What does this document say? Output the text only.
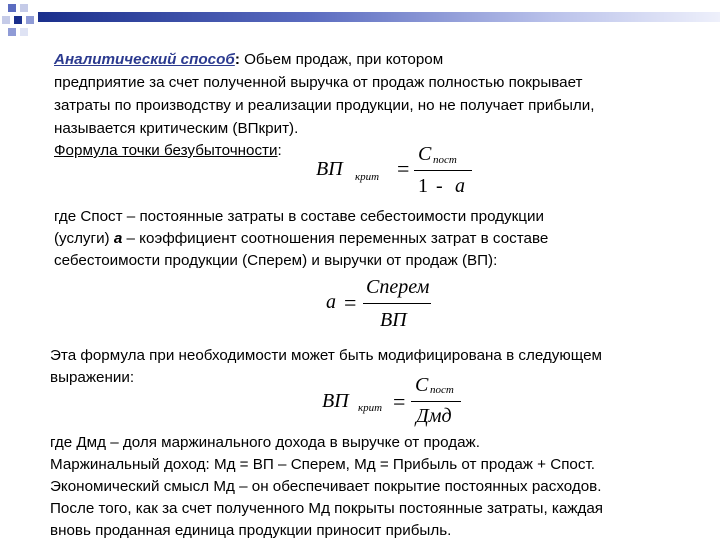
Аналитический способ: Обьем продаж, при котором
предприятие за счет полученной выручка от продаж полностью покрывает
затраты по производству и реализации продукции, но не получает прибыли,
называется критическим (ВПкрит).
Формула точки безубыточности:
ВП крит =
С пост
1 - а
где Спост – постоянные затраты в составе себестоимости продукции
(услуги) а – коэффициент соотношения переменных затрат в составе
себестоимости продукции (Сперем) и выручки от продаж (ВП):
а =
Сперем
ВП
Эта формула при необходимости может быть модифицирована в следующем
выражении:
ВП крит =
С пост
Дмд
где Дмд – доля маржинального дохода в выручке от продаж.
Маржинальный доход: Мд = ВП – Сперем, Мд = Прибыль от продаж + Спост.
Экономический смысл Мд – он обеспечивает покрытие постоянных расходов.
После того, как за счет полученного Мд покрыты постоянные затраты, каждая
вновь проданная единица продукции приносит прибыль.
